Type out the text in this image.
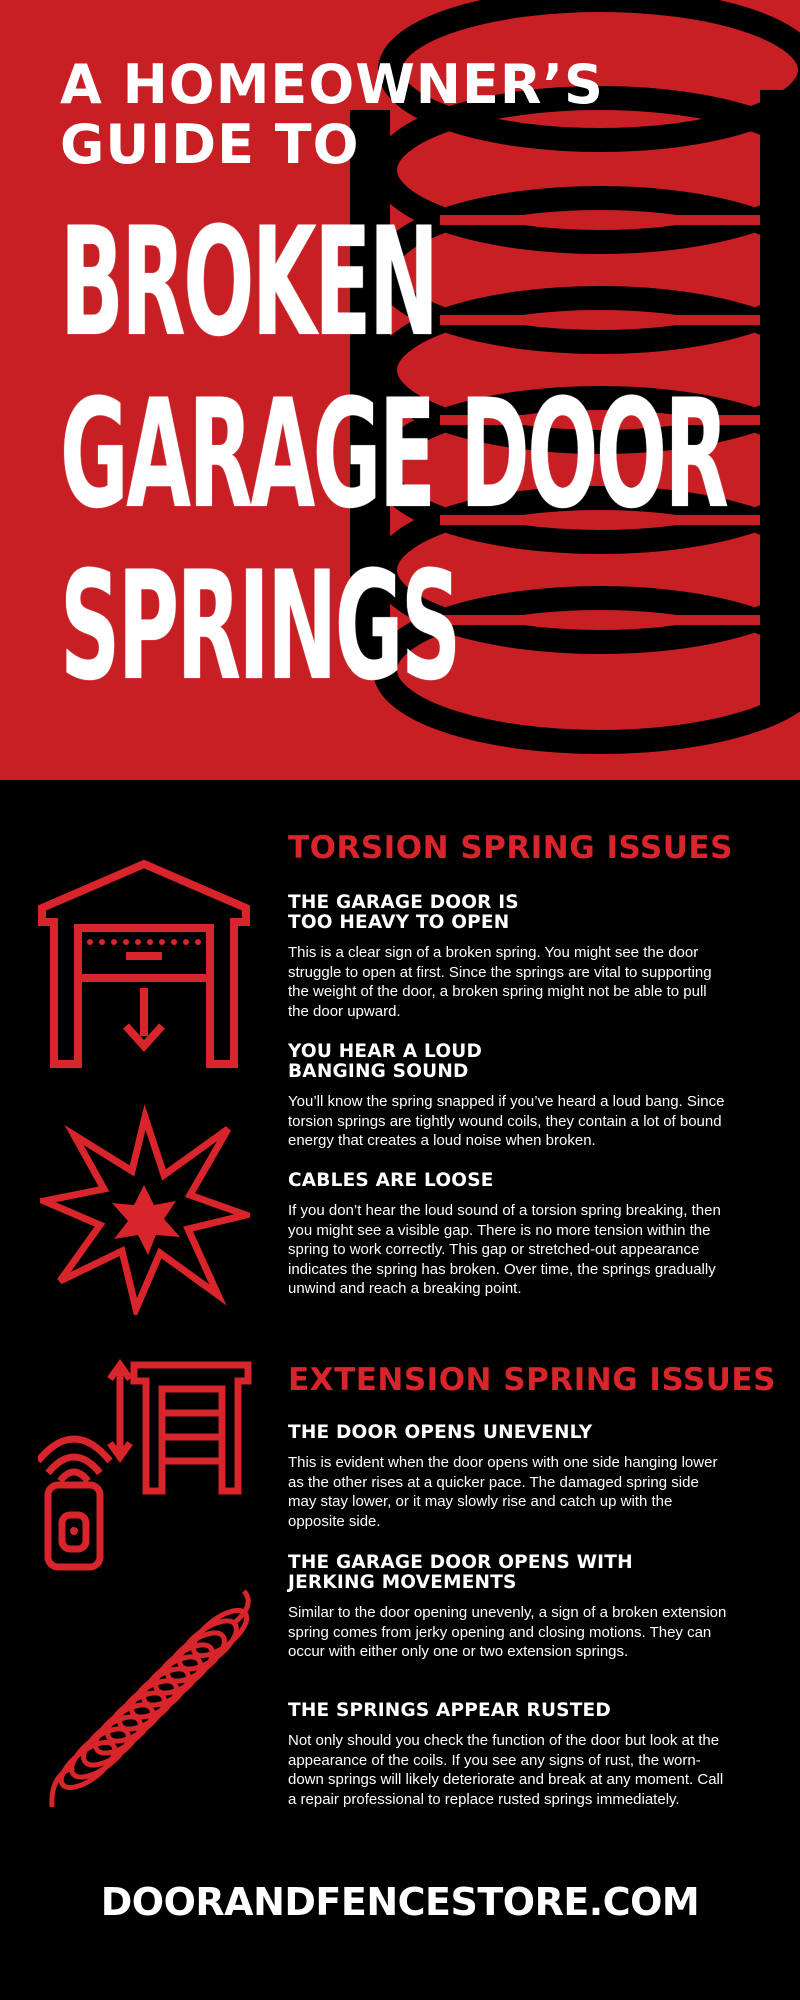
A HOMEOWNER’S
GUIDE TO
BROKEN
GARAGE DOOR
SPRINGS
TORSION SPRING ISSUES

THE GARAGE DOOR IS
TOO HEAVY TO OPEN

This is a clear sign of a broken spring. You might see the door struggle to open at first. Since the springs are vital to supporting the weight of the door, a broken spring might not be able to pull the door upward.

YOU HEAR A LOUD
BANGING SOUND

You’ll know the spring snapped if you’ve heard a loud bang. Since torsion springs are tightly wound coils, they contain a lot of bound energy that creates a loud noise when broken.

CABLES ARE LOOSE

If you don’t hear the loud sound of a torsion spring breaking, then you might see a visible gap. There is no more tension within the spring to work correctly. This gap or stretched-out appearance indicates the spring has broken. Over time, the springs gradually unwind and reach a breaking point.

EXTENSION SPRING ISSUES

THE DOOR OPENS UNEVENLY

This is evident when the door opens with one side hanging lower as the other rises at a quicker pace. The damaged spring side may stay lower, or it may slowly rise and catch up with the opposite side.

THE GARAGE DOOR OPENS WITH
JERKING MOVEMENTS

Similar to the door opening unevenly, a sign of a broken extension spring comes from jerky opening and closing motions. They can occur with either only one or two extension springs.

THE SPRINGS APPEAR RUSTED

Not only should you check the function of the door but look at the appearance of the coils. If you see any signs of rust, the worn-down springs will likely deteriorate and break at any moment. Call a repair professional to replace rusted springs immediately.

DOORANDFENCESTORE.COM
